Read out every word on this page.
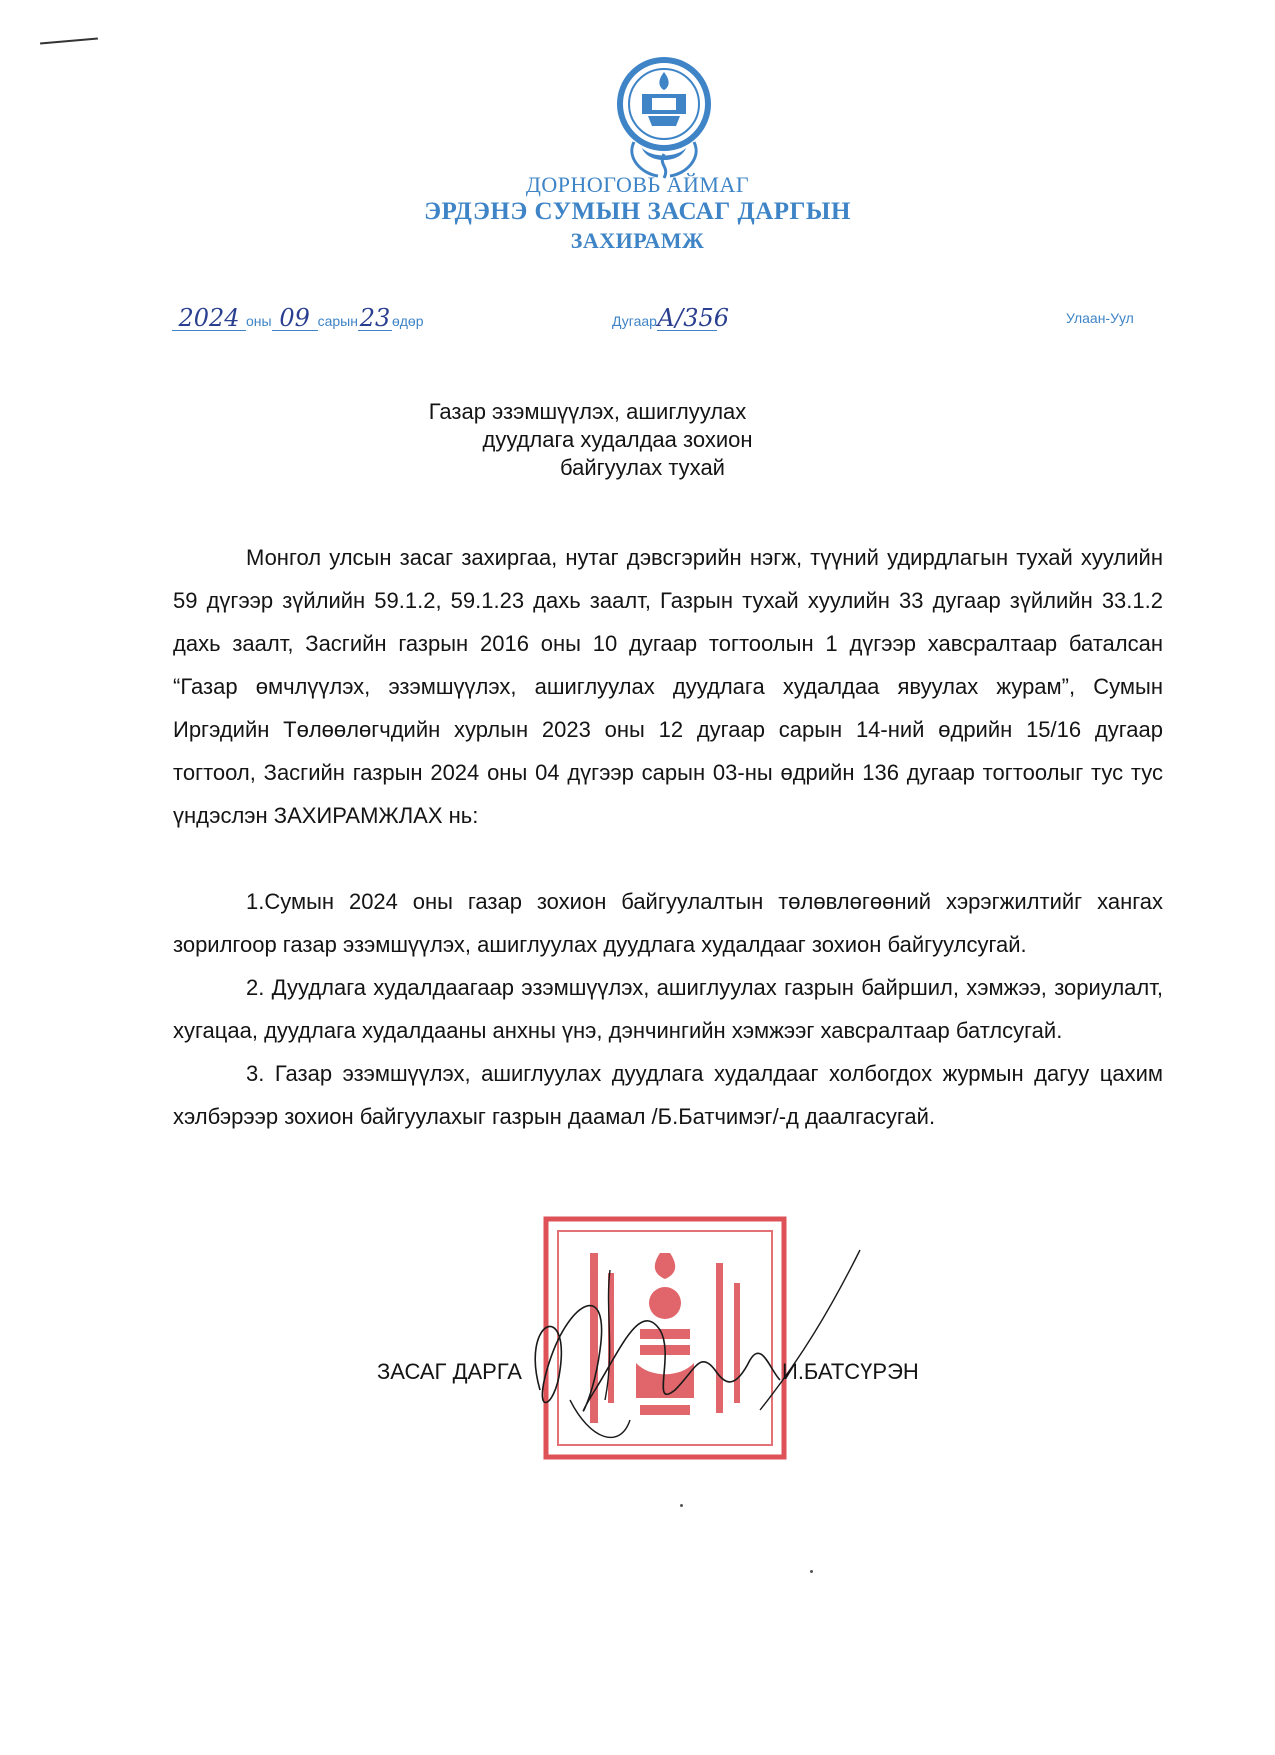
ДОРНОГОВЬ АЙМАГ
ЭРДЭНЭ СУМЫН ЗАСАГ ДАРГЫН
ЗАХИРАМЖ
2024 оны 09 сарын23 өдөр	ДугаарА/356	Улаан-Уул
Газар эзэмшүүлэх, ашиглуулах
дуудлага худалдаа зохион
байгуулах тухай

Монгол улсын засаг захиргаа, нутаг дэвсгэрийн нэгж, түүний удирдлагын тухай хуулийн 59 дүгээр зүйлийн 59.1.2, 59.1.23 дахь заалт, Газрын тухай хуулийн 33 дугаар зүйлийн 33.1.2 дахь заалт, Засгийн газрын 2016 оны 10 дугаар тогтоолын 1 дүгээр хавсралтаар баталсан “Газар өмчлүүлэх, эзэмшүүлэх, ашиглуулах дуудлага худалдаа явуулах журам”, Сумын Иргэдийн Төлөөлөгчдийн хурлын 2023 оны 12 дугаар сарын 14-ний өдрийн 15/16 дугаар тогтоол, Засгийн газрын 2024 оны 04 дүгээр сарын 03-ны өдрийн 136 дугаар тогтоолыг тус тус үндэслэн ЗАХИРАМЖЛАХ нь:

1.Сумын 2024 оны газар зохион байгуулалтын төлөвлөгөөний хэрэгжилтийг хангах зорилгоор газар эзэмшүүлэх, ашиглуулах дуудлага худалдааг зохион байгуулсугай.

2. Дуудлага худалдаагаар эзэмшүүлэх, ашиглуулах газрын байршил, хэмжээ, зориулалт, хугацаа, дуудлага худалдааны анхны үнэ, дэнчингийн хэмжээг хавсралтаар батлсугай.

3. Газар эзэмшүүлэх, ашиглуулах дуудлага худалдааг холбогдох журмын дагуу цахим хэлбэрээр зохион байгуулахыг газрын даамал /Б.Батчимэг/-д даалгасугай.

ЗАСАГ ДАРГА	И.БАТСҮРЭН
